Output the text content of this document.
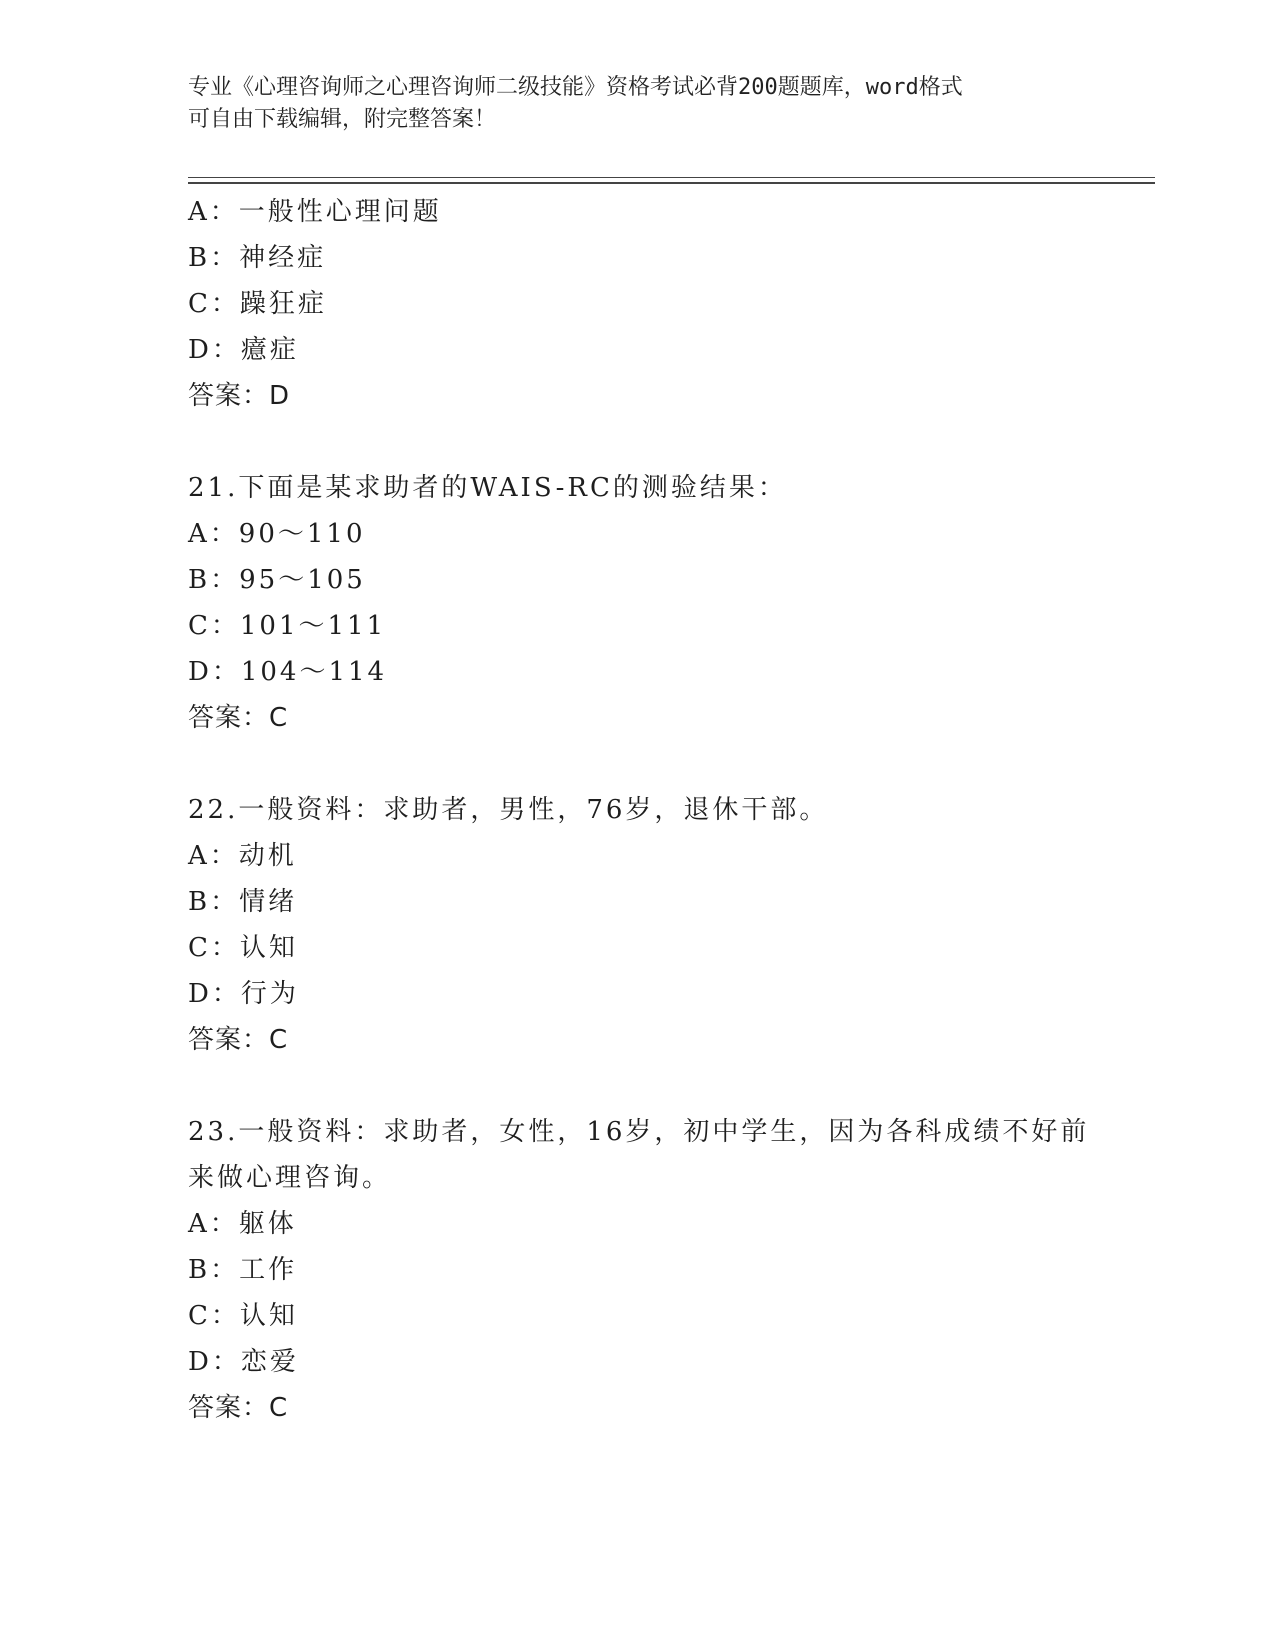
专业《心理咨询师之心理咨询师二级技能》资格考试必背200题题库，word格式
可自由下载编辑，附完整答案！
A：一般性心理问题
B：神经症
C：躁狂症
D：癔症
答案：D
21.下面是某求助者的WAIS-RC的测验结果：
A：90～110
B：95～105
C：101～111
D：104～114
答案：C
22.一般资料：求助者，男性，76岁，退休干部。
A：动机
B：情绪
C：认知
D：行为
答案：C
23.一般资料：求助者，女性，16岁，初中学生，因为各科成绩不好前
来做心理咨询。
A：躯体
B：工作
C：认知
D：恋爱
答案：C
